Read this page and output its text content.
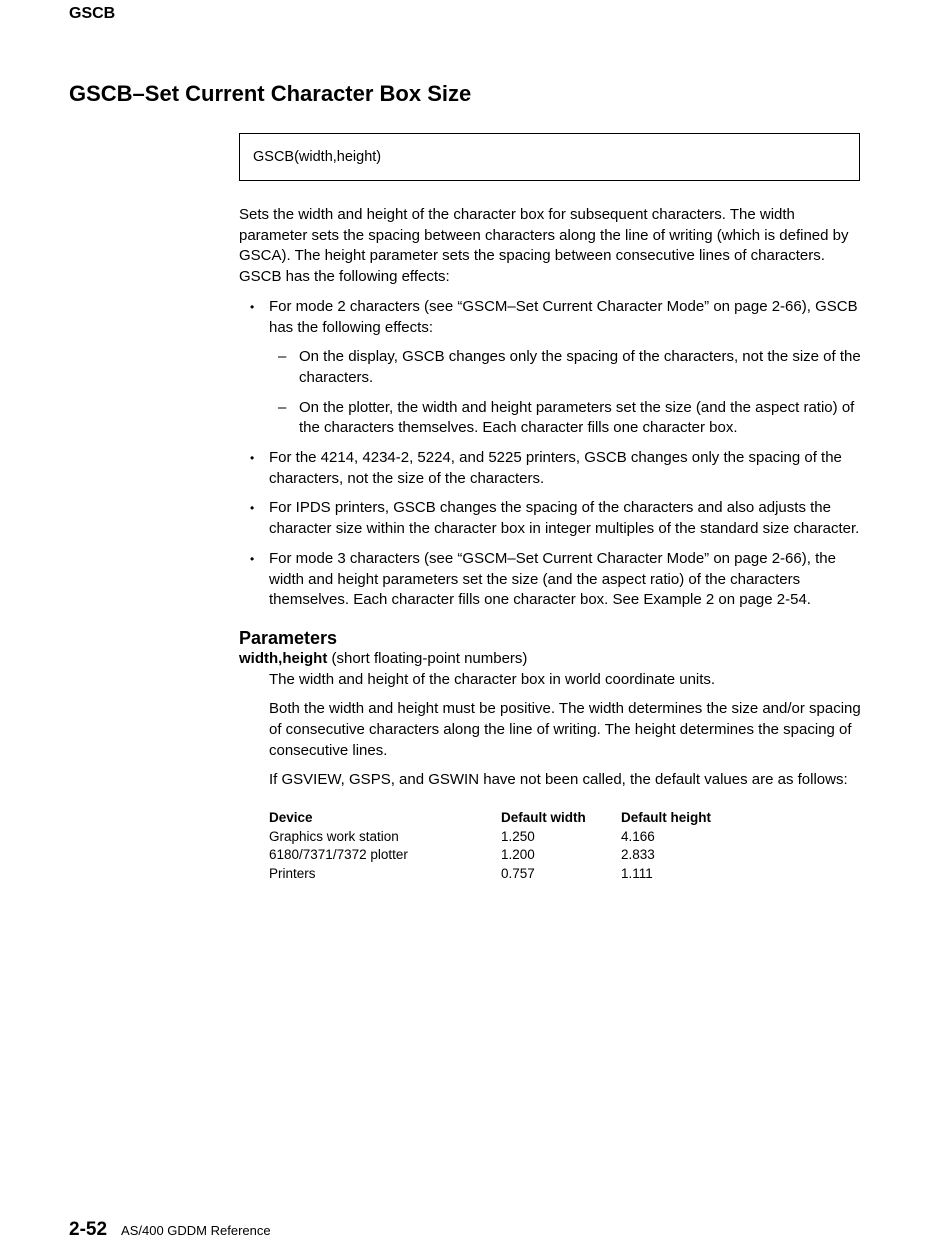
GSCB
GSCB–Set Current Character Box Size
GSCB(width,height)

Sets the width and height of the character box for subsequent characters. The width parameter sets the spacing between characters along the line of writing (which is defined by GSCA). The height parameter sets the spacing between consecutive lines of characters. GSCB has the following effects:

• For mode 2 characters (see “GSCM–Set Current Character Mode” on page 2-66), GSCB has the following effects:
– On the display, GSCB changes only the spacing of the characters, not the size of the characters.
– On the plotter, the width and height parameters set the size (and the aspect ratio) of the characters themselves. Each character fills one character box.
• For the 4214, 4234-2, 5224, and 5225 printers, GSCB changes only the spacing of the characters, not the size of the characters.
• For IPDS printers, GSCB changes the spacing of the characters and also adjusts the character size within the character box in integer multiples of the standard size character.
• For mode 3 characters (see “GSCM–Set Current Character Mode” on page 2-66), the width and height parameters set the size (and the aspect ratio) of the characters themselves. Each character fills one character box. See Example 2 on page 2-54.

Parameters

width,height (short floating-point numbers)

The width and height of the character box in world coordinate units.

Both the width and height must be positive. The width determines the size and/or spacing of consecutive characters along the line of writing. The height determines the spacing of consecutive lines.

If GSVIEW, GSPS, and GSWIN have not been called, the default values are as follows:

Device	Default width	Default height
Graphics work station	1.250	4.166
6180/7371/7372 plotter	1.200	2.833
Printers	0.757	1.111
2-52 AS/400 GDDM Reference
